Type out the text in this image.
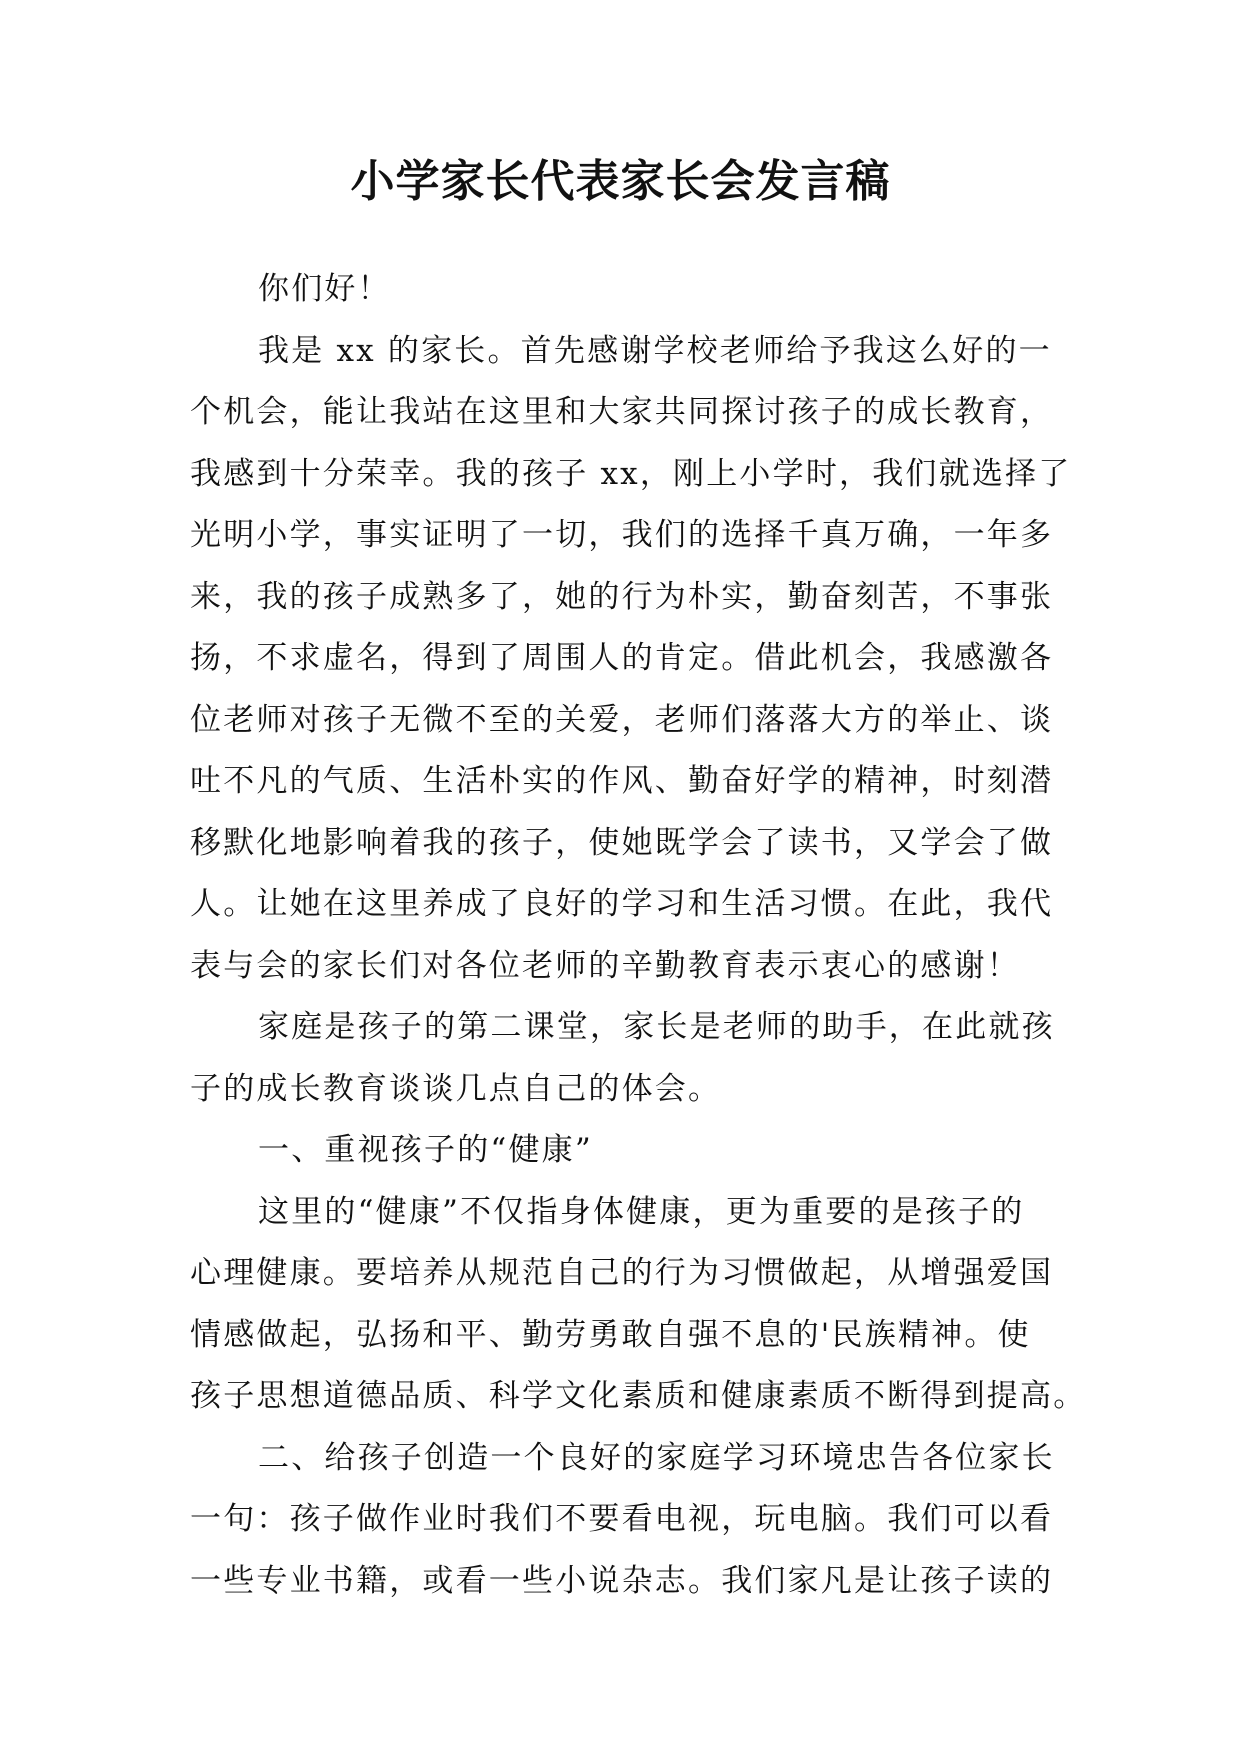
小学家长代表家长会发言稿
你们好！
我是 xx 的家长。首先感谢学校老师给予我这么好的一
个机会，能让我站在这里和大家共同探讨孩子的成长教育，
我感到十分荣幸。我的孩子 xx，刚上小学时，我们就选择了
光明小学，事实证明了一切，我们的选择千真万确，一年多
来，我的孩子成熟多了，她的行为朴实，勤奋刻苦，不事张
扬，不求虚名，得到了周围人的肯定。借此机会，我感激各
位老师对孩子无微不至的关爱，老师们落落大方的举止、谈
吐不凡的气质、生活朴实的作风、勤奋好学的精神，时刻潜
移默化地影响着我的孩子，使她既学会了读书，又学会了做
人。让她在这里养成了良好的学习和生活习惯。在此，我代
表与会的家长们对各位老师的辛勤教育表示衷心的感谢！
家庭是孩子的第二课堂，家长是老师的助手，在此就孩
子的成长教育谈谈几点自己的体会。
一、重视孩子的“健康”
这里的“健康”不仅指身体健康，更为重要的是孩子的
心理健康。要培养从规范自己的行为习惯做起，从增强爱国
情感做起，弘扬和平、勤劳勇敢自强不息的'民族精神。使
孩子思想道德品质、科学文化素质和健康素质不断得到提高。
二、给孩子创造一个良好的家庭学习环境忠告各位家长
一句：孩子做作业时我们不要看电视，玩电脑。我们可以看
一些专业书籍，或看一些小说杂志。我们家凡是让孩子读的
